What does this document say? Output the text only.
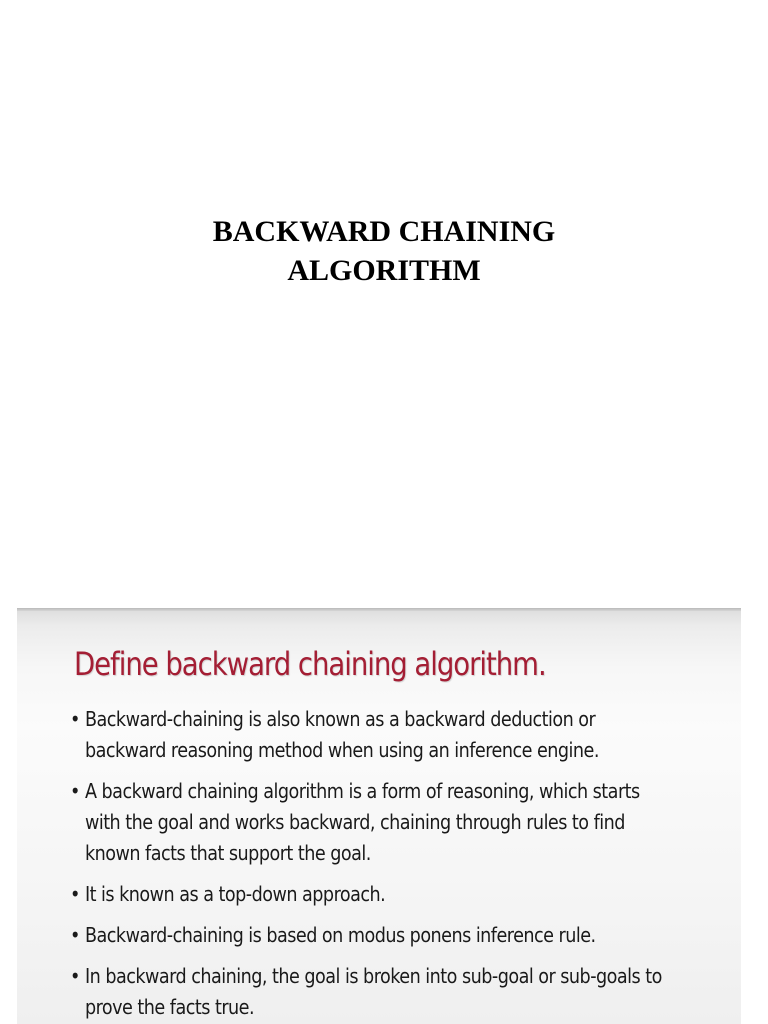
BACKWARD CHAINING
ALGORITHM
Define backward chaining algorithm.
• Backward-chaining is also known as a backward deduction or
backward reasoning method when using an inference engine.
• A backward chaining algorithm is a form of reasoning, which starts
with the goal and works backward, chaining through rules to find
known facts that support the goal.
• It is known as a top-down approach.
• Backward-chaining is based on modus ponens inference rule.
• In backward chaining, the goal is broken into sub-goal or sub-goals to
prove the facts true.
